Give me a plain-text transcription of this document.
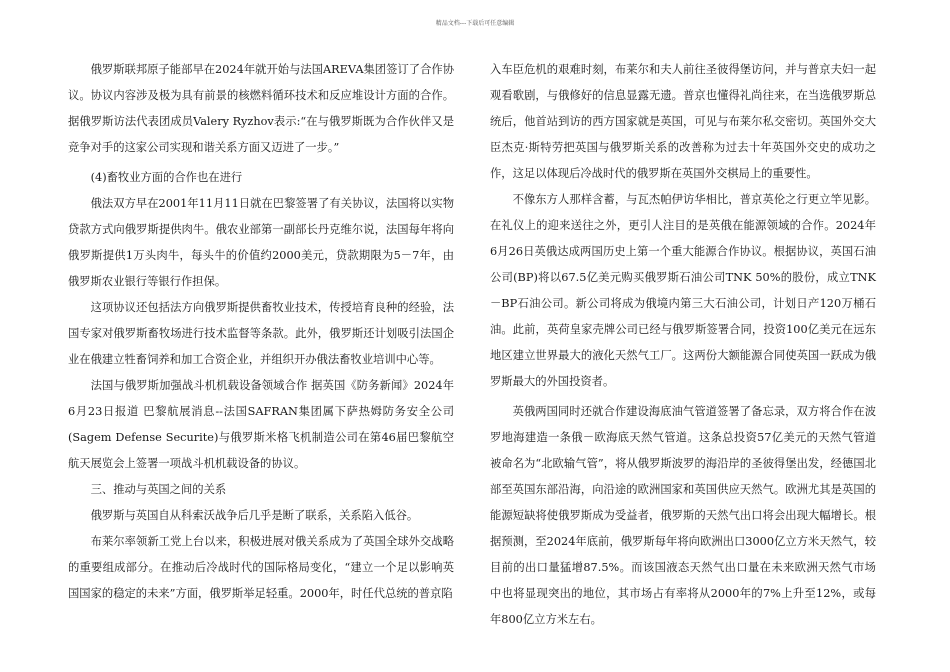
精品文档---下载后可任意编辑

俄罗斯联邦原子能部早在2024年就开始与法国AREVA集团签订了合作协议。协议内容涉及极为具有前景的核燃料循环技术和反应堆设计方面的合作。据俄罗斯访法代表团成员Valery Ryzhov表示:“在与俄罗斯既为合作伙伴又是竞争对手的这家公司实现和谐关系方面又迈进了一步。”

(4)畜牧业方面的合作也在进行

俄法双方早在2001年11月11日就在巴黎签署了有关协议，法国将以实物贷款方式向俄罗斯提供肉牛。俄农业部第一副部长丹克维尔说，法国每年将向俄罗斯提供1万头肉牛，每头牛的价值约2000美元，贷款期限为5－7年，由俄罗斯农业银行等银行作担保。

这项协议还包括法方向俄罗斯提供畜牧业技术，传授培育良种的经验，法国专家对俄罗斯畜牧场进行技术监督等条款。此外，俄罗斯还计划吸引法国企业在俄建立牲畜饲养和加工合资企业，并组织开办俄法畜牧业培训中心等。

法国与俄罗斯加强战斗机机载设备领域合作 据英国《防务新闻》2024年6月23日报道 巴黎航展消息--法国SAFRAN集团属下萨热姆防务安全公司(Sagem Defense Securite)与俄罗斯米格飞机制造公司在第46届巴黎航空航天展览会上签署一项战斗机机载设备的协议。

三、推动与英国之间的关系

俄罗斯与英国自从科索沃战争后几乎是断了联系，关系陷入低谷。

布莱尔率领新工党上台以来，积极进展对俄关系成为了英国全球外交战略的重要组成部分。在推动后冷战时代的国际格局变化，“建立一个足以影响英国国家的稳定的未来”方面，俄罗斯举足轻重。2000年，时任代总统的普京陷

入车臣危机的艰难时刻，布莱尔和夫人前往圣彼得堡访问，并与普京夫妇一起观看歌剧，与俄修好的信息显露无遗。普京也懂得礼尚往来，在当选俄罗斯总统后，他首站到访的西方国家就是英国，可见与布莱尔私交密切。英国外交大臣杰克·斯特劳把英国与俄罗斯关系的改善称为过去十年英国外交史的成功之作，这足以体现后冷战时代的俄罗斯在英国外交棋局上的重要性。

不像东方人那样含蓄，与瓦杰帕伊访华相比，普京英伦之行更立竿见影。在礼仪上的迎来送往之外，更引人注目的是英俄在能源领域的合作。2024年6月26日英俄达成两国历史上第一个重大能源合作协议。根据协议，英国石油公司(BP)将以67.5亿美元购买俄罗斯石油公司TNK 50%的股份，成立TNK－BP石油公司。新公司将成为俄境内第三大石油公司，计划日产120万桶石油。此前，英荷皇家壳牌公司已经与俄罗斯签署合同，投资100亿美元在远东地区建立世界最大的液化天然气工厂。这两份大额能源合同使英国一跃成为俄罗斯最大的外国投资者。

英俄两国同时还就合作建设海底油气管道签署了备忘录，双方将合作在波罗地海建造一条俄－欧海底天然气管道。这条总投资57亿美元的天然气管道被命名为“北欧输气管”，将从俄罗斯波罗的海沿岸的圣彼得堡出发，经德国北部至英国东部沿海，向沿途的欧洲国家和英国供应天然气。欧洲尤其是英国的能源短缺将使俄罗斯成为受益者，俄罗斯的天然气出口将会出现大幅增长。根据预测，至2024年底前，俄罗斯每年将向欧洲出口3000亿立方米天然气，较目前的出口量猛增87.5%。而该国液态天然气出口量在未来欧洲天然气市场中也将显现突出的地位，其市场占有率将从2000年的7%上升至12%，或每年800亿立方米左右。
